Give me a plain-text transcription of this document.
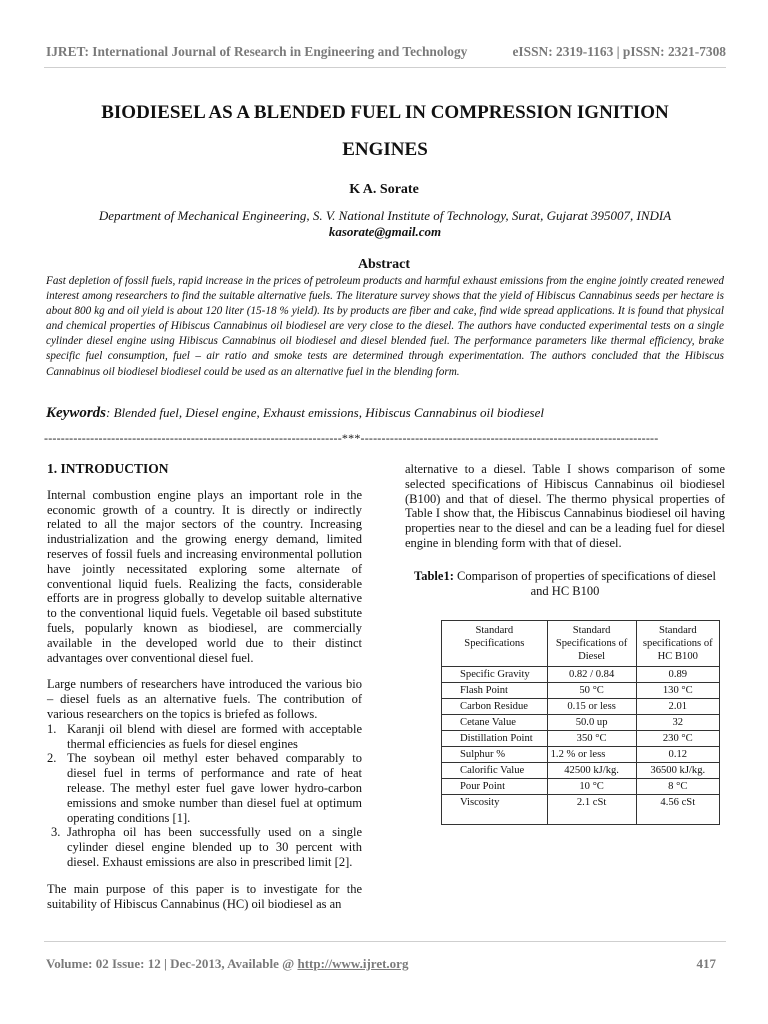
IJRET: International Journal of Research in Engineering and Technology	eISSN: 2319-1163 | pISSN: 2321-7308
BIODIESEL AS A BLENDED FUEL IN COMPRESSION IGNITION
ENGINES
K A. Sorate
Department of Mechanical Engineering, S. V. National Institute of Technology, Surat, Gujarat 395007, INDIA
kasorate@gmail.com
Abstract
Fast depletion of fossil fuels, rapid increase in the prices of petroleum products and harmful exhaust emissions from the engine jointly created renewed interest among researchers to find the suitable alternative fuels. The literature survey shows that the yield of Hibiscus Cannabinus seeds per hectare is about 800 kg and oil yield is about 120 liter (15-18 % yield). Its by products are fiber and cake, find wide spread applications. It is found that physical and chemical properties of Hibiscus Cannabinus oil biodiesel are very close to the diesel. The authors have conducted experimental tests on a single cylinder diesel engine using Hibiscus Cannabinus oil biodiesel and diesel blended fuel. The performance parameters like thermal efficiency, brake specific fuel consumption, fuel – air ratio and smoke tests are determined through experimentation. The authors concluded that the Hibiscus Cannabinus oil biodiesel biodiesel could be used as an alternative fuel in the blending form.
Keywords: Blended fuel, Diesel engine, Exhaust emissions, Hibiscus Cannabinus oil biodiesel
-----------------------------------------------------------------------***-----------------------------------------------------------------------
1. INTRODUCTION

Internal combustion engine plays an important role in the economic growth of a country. It is directly or indirectly related to all the major sectors of the country. Increasing industrialization and the growing energy demand, limited reserves of fossil fuels and increasing environmental pollution have jointly necessitated exploring some alternate of conventional liquid fuels. Realizing the facts, considerable efforts are in progress globally to develop suitable alternative to the conventional liquid fuels. Vegetable oil based substitute fuels, popularly known as biodiesel, are commercially available in the developed world due to their distinct advantages over conventional diesel fuel.

Large numbers of researchers have introduced the various bio – diesel fuels as an alternative fuels. The contribution of various researchers on the topics is briefed as follows.

1. Karanji oil blend with diesel are formed with acceptable thermal efficiencies as fuels for diesel engines
2. The soybean oil methyl ester behaved comparably to diesel fuel in terms of performance and rate of heat release. The methyl ester fuel gave lower hydro-carbon emissions and smoke number than diesel fuel at optimum operating conditions [1].
3. Jathropha oil has been successfully used on a single cylinder diesel engine blended up to 30 percent with diesel. Exhaust emissions are also in prescribed limit [2].

The main purpose of this paper is to investigate for the suitability of Hibiscus Cannabinus (HC) oil biodiesel as an

alternative to a diesel. Table I shows comparison of some selected specifications of Hibiscus Cannabinus oil biodiesel (B100) and that of diesel. The thermo physical properties of Table I show that, the Hibiscus Cannabinus biodiesel oil having properties near to the diesel and can be a leading fuel for diesel engine in blending form with that of diesel.

Table1: Comparison of properties of specifications of diesel and HC B100
Standard Specifications	Standard Specifications of Diesel	Standard specifications of HC B100
Specific Gravity	0.82 / 0.84	0.89
Flash Point	50 °C	130 °C
Carbon Residue	0.15 or less	2.01
Cetane Value	50.0 up	32
Distillation Point	350 °C	230 °C
Sulphur %	1.2 % or less	0.12
Calorific Value	42500 kJ/kg.	36500 kJ/kg.
Pour Point	10 °C	8 °C
Viscosity	2.1 cSt	4.56 cSt
Volume: 02 Issue: 12 | Dec-2013, Available @ http://www.ijret.org	417
